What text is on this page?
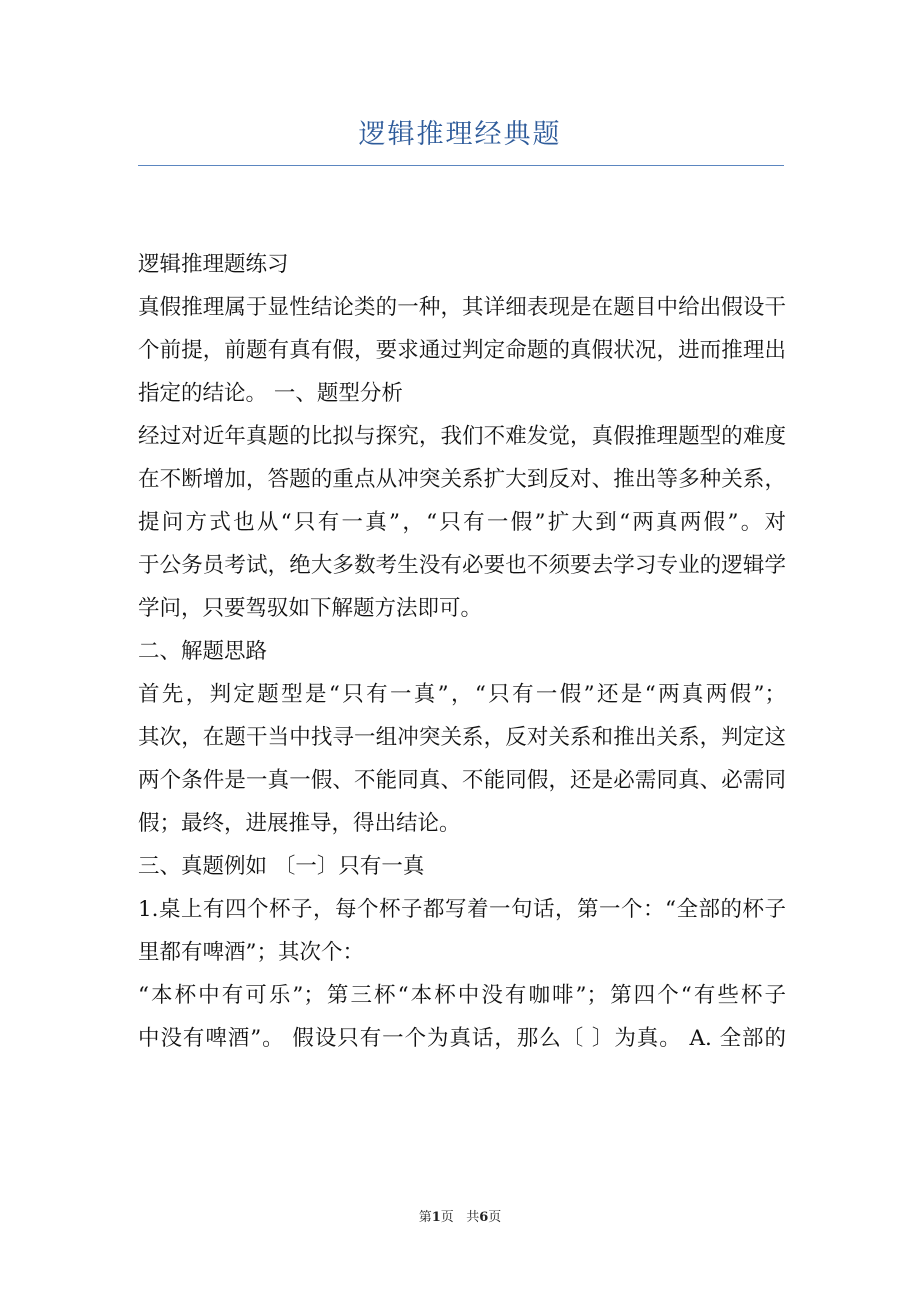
逻辑推理经典题
逻辑推理题练习
真假推理属于显性结论类的一种，其详细表现是在题目中给出假设干
个前提，前题有真有假，要求通过判定命题的真假状况，进而推理出
指定的结论。 一、题型分析
经过对近年真题的比拟与探究，我们不难发觉，真假推理题型的难度
在不断增加，答题的重点从冲突关系扩大到反对、推出等多种关系，
提问方式也从“只有一真”，“只有一假”扩大到“两真两假”。对
于公务员考试，绝大多数考生没有必要也不须要去学习专业的逻辑学
学问，只要驾驭如下解题方法即可。
二、解题思路
首先，判定题型是“只有一真”，“只有一假”还是“两真两假”；
其次，在题干当中找寻一组冲突关系，反对关系和推出关系，判定这
两个条件是一真一假、不能同真、不能同假，还是必需同真、必需同
假；最终，进展推导，得出结论。
三、真题例如 〔一〕只有一真
1.桌上有四个杯子，每个杯子都写着一句话，第一个：“全部的杯子
里都有啤酒”；其次个：
“本杯中有可乐”；第三杯“本杯中没有咖啡”；第四个“有些杯子
中没有啤酒”。 假设只有一个为真话，那么〔 〕为真。 A. 全部的
第1页   共6页
